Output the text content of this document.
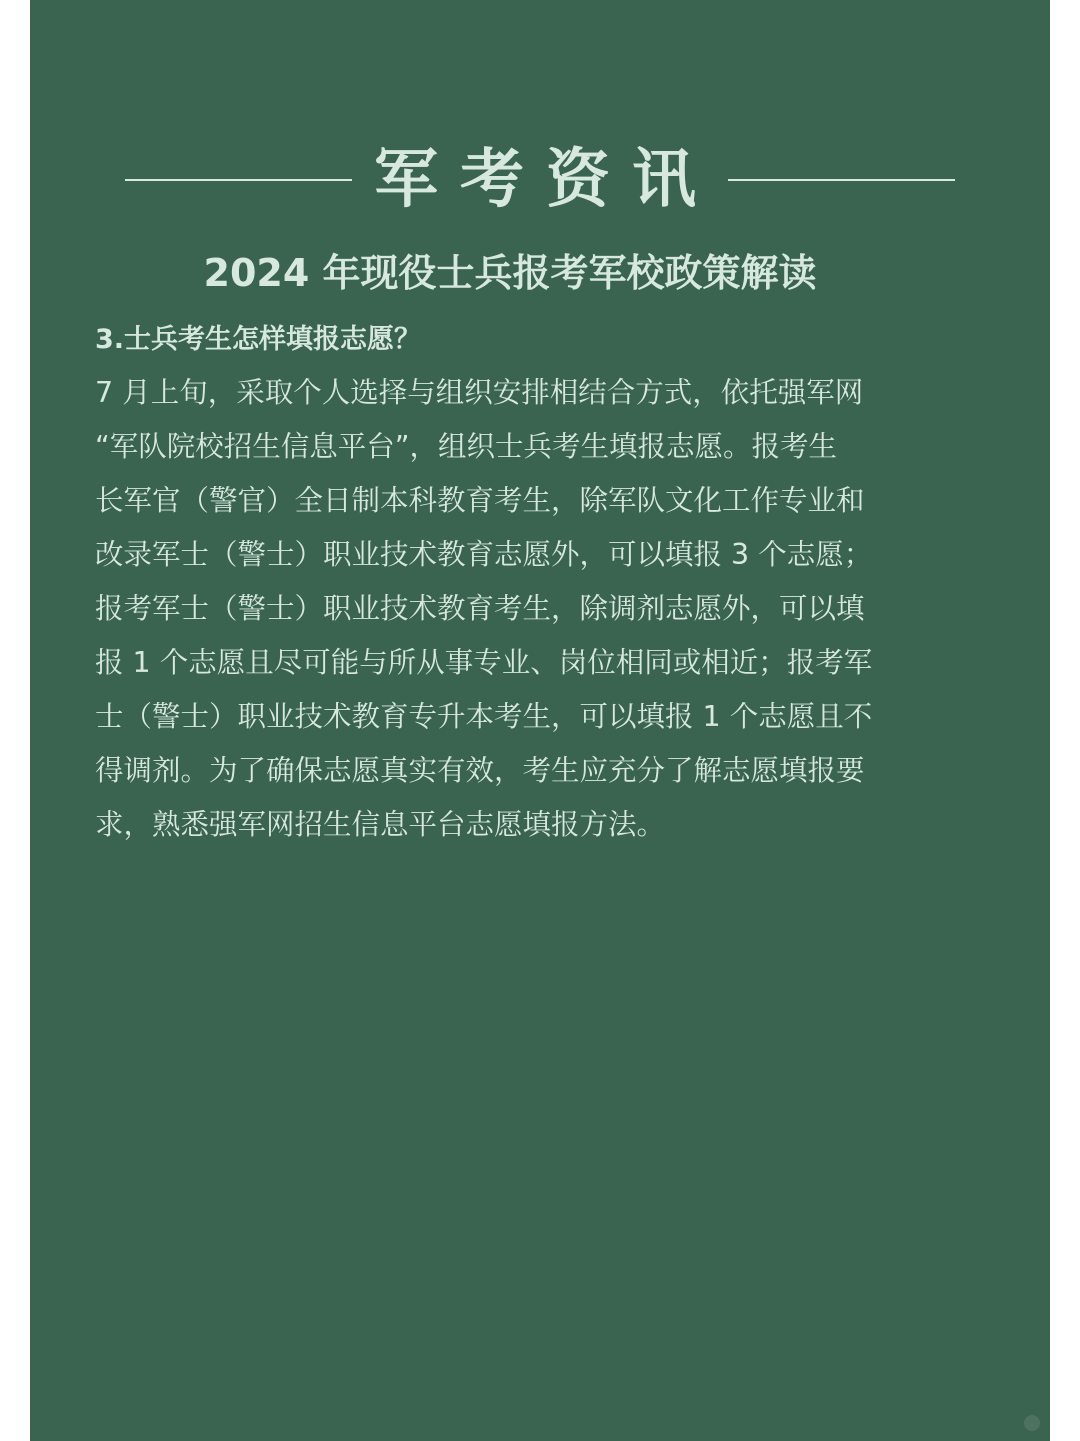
军考资讯
2024 年现役士兵报考军校政策解读
3.士兵考生怎样填报志愿？
7 月上旬，采取个人选择与组织安排相结合方式，依托强军网
“军队院校招生信息平台”，组织士兵考生填报志愿。报考生
长军官（警官）全日制本科教育考生，除军队文化工作专业和
改录军士（警士）职业技术教育志愿外，可以填报 3 个志愿；
报考军士（警士）职业技术教育考生，除调剂志愿外，可以填
报 1 个志愿且尽可能与所从事专业、岗位相同或相近；报考军
士（警士）职业技术教育专升本考生，可以填报 1 个志愿且不
得调剂。为了确保志愿真实有效，考生应充分了解志愿填报要
求，熟悉强军网招生信息平台志愿填报方法。
